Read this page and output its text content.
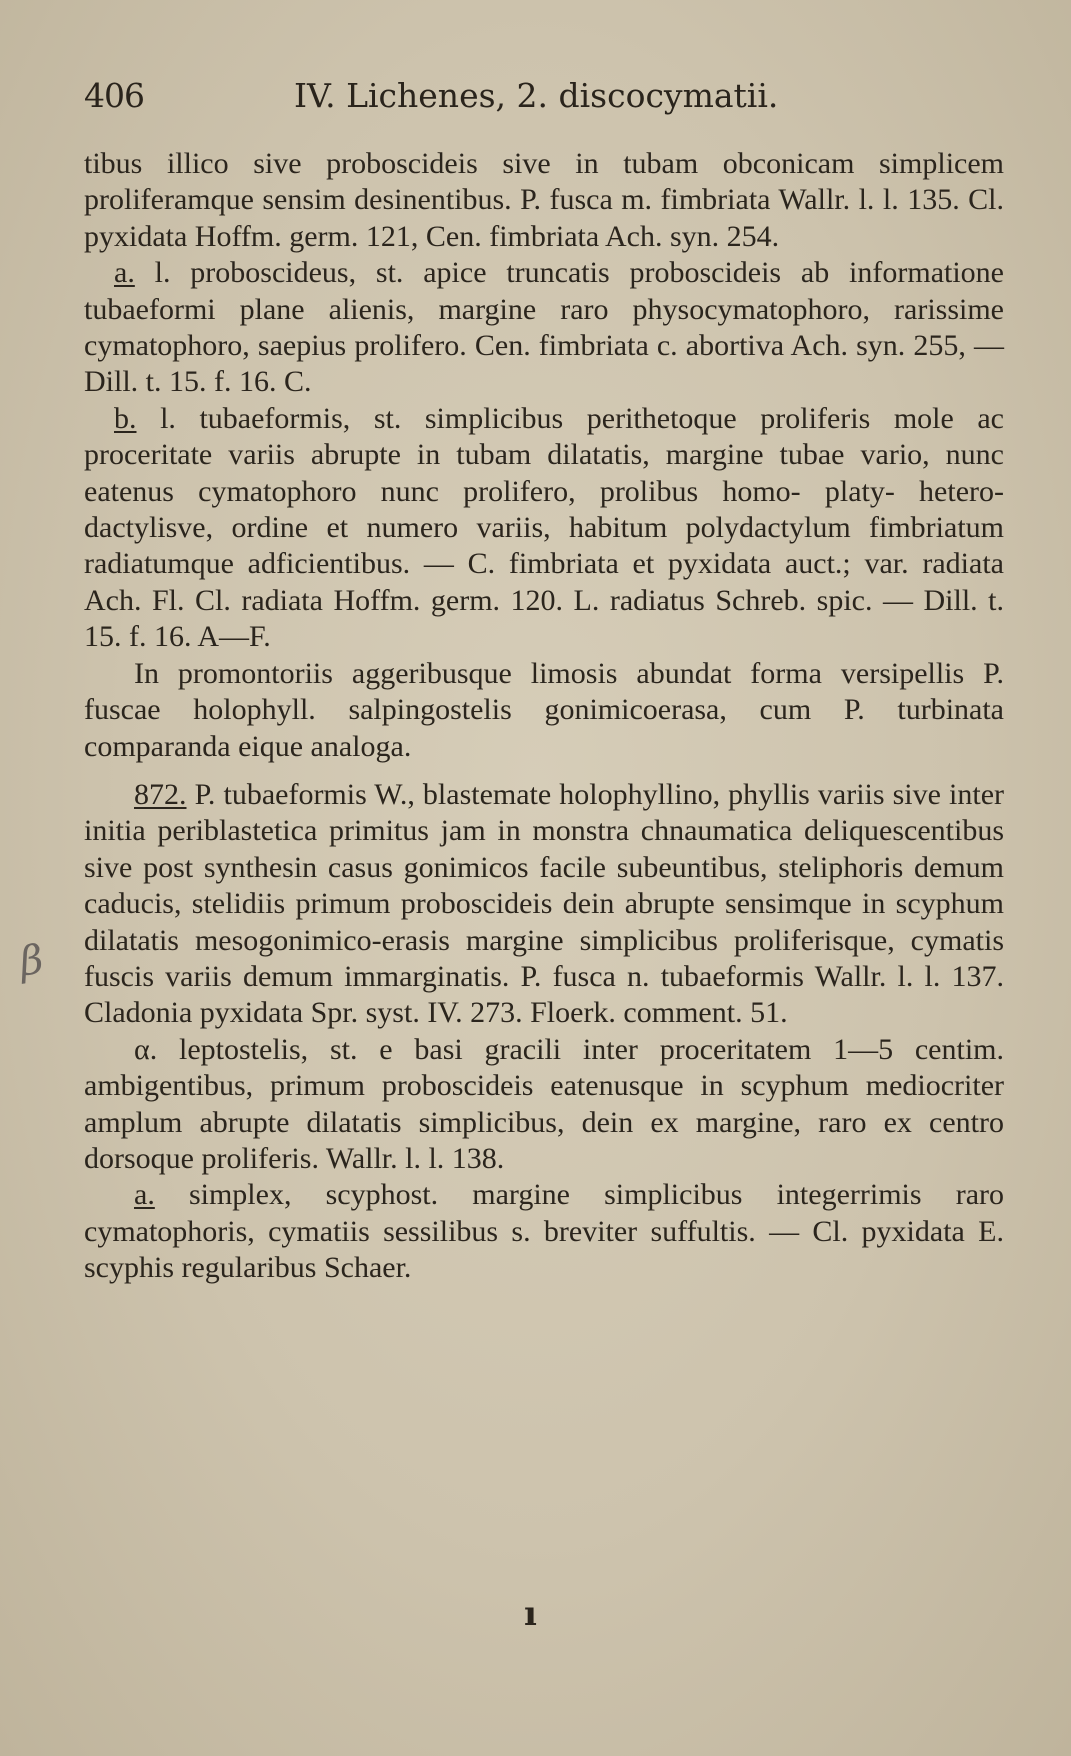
406	IV. Lichenes, 2. discocymatii.

tibus illico sive proboscideis sive in tubam obconicam simplicem proliferamque sensim desinentibus. P. fusca m. fimbriata Wallr. l. l. 135. Cl. pyxidata Hoffm. germ. 121, Cen. fimbriata Ach. syn. 254.

a. l. proboscideus, st. apice truncatis proboscideis ab informatione tubaeformi plane alienis, margine raro physocymatophoro, rarissime cymatophoro, saepius prolifero. Cen. fimbriata c. abortiva Ach. syn. 255, — Dill. t. 15. f. 16. C.

b. l. tubaeformis, st. simplicibus perithetoque proliferis mole ac proceritate variis abrupte in tubam dilatatis, margine tubae vario, nunc eatenus cymatophoro nunc prolifero, prolibus homo- platy- hetero-dactylisve, ordine et numero variis, habitum polydactylum fimbriatum radiatumque adficientibus. — C. fimbriata et pyxidata auct.; var. radiata Ach. Fl. Cl. radiata Hoffm. germ. 120. L. radiatus Schreb. spic. — Dill. t. 15. f. 16. A—F.

In promontoriis aggeribusque limosis abundat forma versipellis P. fuscae holophyll. salpingostelis gonimicoerasa, cum P. turbinata comparanda eique analoga.

872. P. tubaeformis W., blastemate holophyllino, phyllis variis sive inter initia periblastetica primitus jam in monstra chnaumatica deliquescentibus sive post synthesin casus gonimicos facile subeuntibus, steliphoris demum caducis, stelidiis primum proboscideis dein abrupte sensimque in scyphum dilatatis mesogonimico-erasis margine simplicibus proliferisque, cymatis fuscis variis demum immarginatis. P. fusca n. tubaeformis Wallr. l. l. 137. Cladonia pyxidata Spr. syst. IV. 273. Floerk. comment. 51.

α. leptostelis, st. e basi gracili inter proceritatem 1—5 centim. ambigentibus, primum proboscideis eatenusque in scyphum mediocriter amplum abrupte dilatatis simplicibus, dein ex margine, raro ex centro dorsoque proliferis. Wallr. l. l. 138.

a. simplex, scyphost. margine simplicibus integerrimis raro cymatophoris, cymatiis sessilibus s. breviter suffultis. — Cl. pyxidata E. scyphis regularibus Schaer.

β
ı
